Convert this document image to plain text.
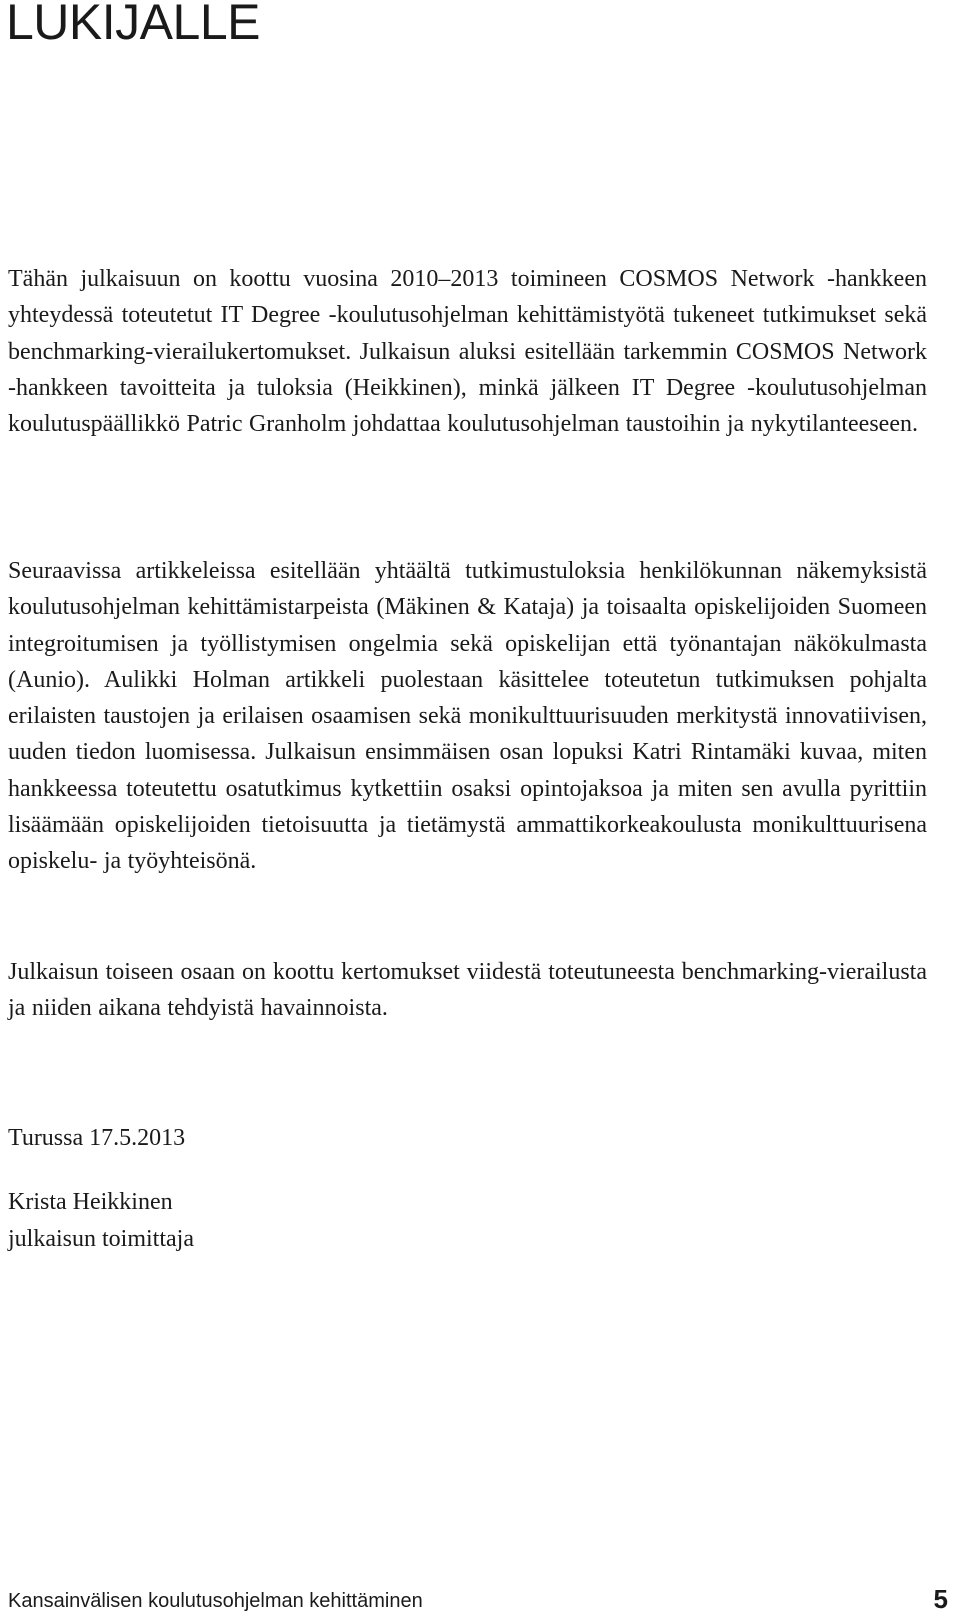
LUKIJALLE

Tähän julkaisuun on koottu vuosina 2010–2013 toimineen COSMOS Network -hankkeen yhteydessä toteutetut IT Degree -koulutusohjelman kehittämistyötä tukeneet tutkimukset sekä benchmarking-vierailukertomukset. Julkaisun aluksi esitellään tarkemmin COSMOS Network -hankkeen tavoitteita ja tuloksia (Heikkinen), minkä jälkeen IT Degree -koulutusohjelman koulutuspäällikkö Patric Granholm johdattaa koulutusohjelman taustoihin ja nykytilanteeseen.

Seuraavissa artikkeleissa esitellään yhtäältä tutkimustuloksia henkilökunnan näkemyksistä koulutusohjelman kehittämistarpeista (Mäkinen & Kataja) ja toisaalta opiskelijoiden Suomeen integroitumisen ja työllistymisen ongelmia sekä opiskelijan että työnantajan näkökulmasta (Aunio). Aulikki Holman artikkeli puolestaan käsittelee toteutetun tutkimuksen pohjalta erilaisten taustojen ja erilaisen osaamisen sekä monikulttuurisuuden merkitystä innovatiivisen, uuden tiedon luomisessa. Julkaisun ensimmäisen osan lopuksi Katri Rintamäki kuvaa, miten hankkeessa toteutettu osatutkimus kytkettiin osaksi opintojaksoa ja miten sen avulla pyrittiin lisäämään opiskelijoiden tietoisuutta ja tietämystä ammattikorkeakoulusta monikulttuurisena opiskelu- ja työyhteisönä.

Julkaisun toiseen osaan on koottu kertomukset viidestä toteutuneesta benchmarking-vierailusta ja niiden aikana tehdyistä havainnoista.

Turussa 17.5.2013

Krista Heikkinen
julkaisun toimittaja
Kansainvälisen koulutusohjelman kehittäminen	5
